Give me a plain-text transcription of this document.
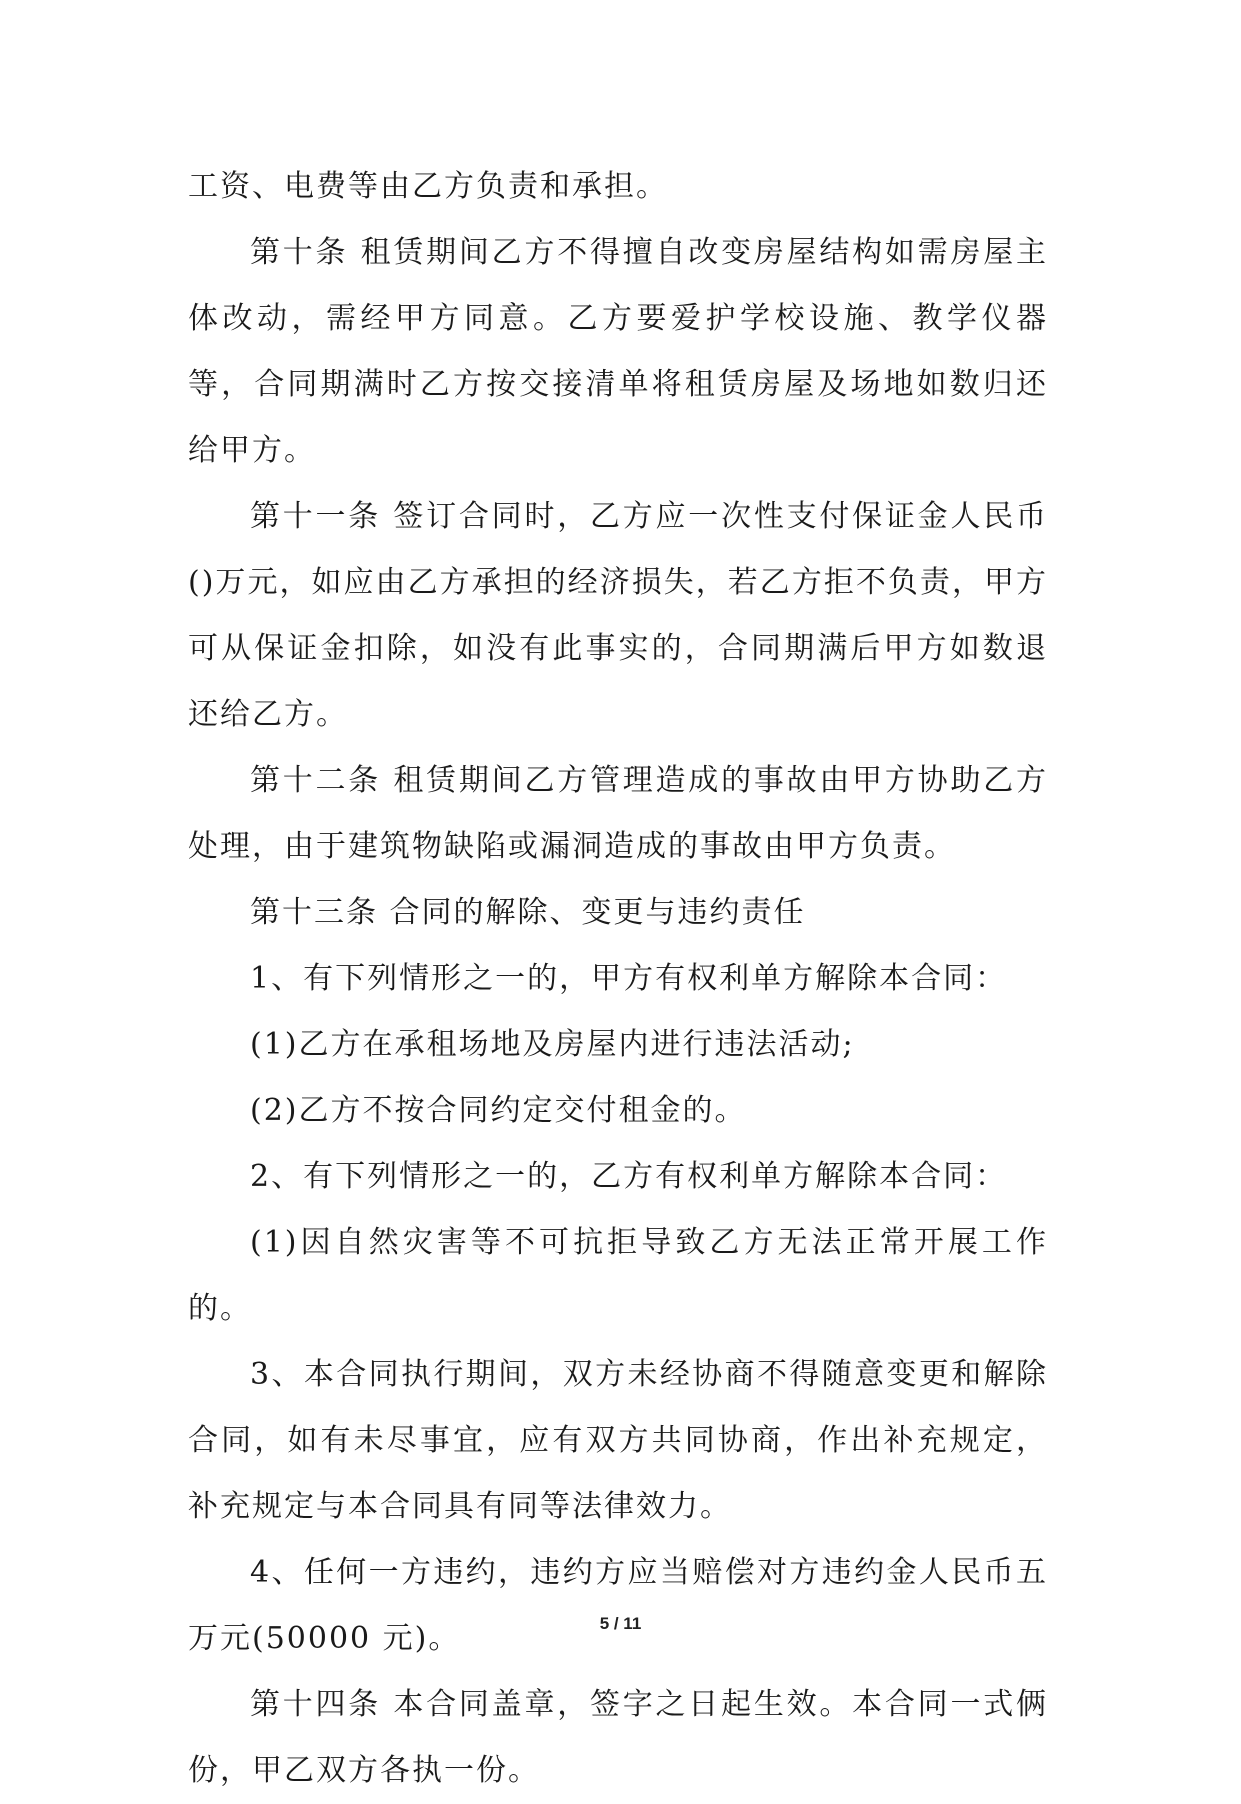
工资、电费等由乙方负责和承担。

第十条 租赁期间乙方不得擅自改变房屋结构如需房屋主体改动，需经甲方同意。乙方要爱护学校设施、教学仪器等，合同期满时乙方按交接清单将租赁房屋及场地如数归还给甲方。

第十一条 签订合同时，乙方应一次性支付保证金人民币()万元，如应由乙方承担的经济损失，若乙方拒不负责，甲方可从保证金扣除，如没有此事实的，合同期满后甲方如数退还给乙方。

第十二条 租赁期间乙方管理造成的事故由甲方协助乙方处理，由于建筑物缺陷或漏洞造成的事故由甲方负责。

第十三条 合同的解除、变更与违约责任

1、有下列情形之一的，甲方有权利单方解除本合同：

(1)乙方在承租场地及房屋内进行违法活动;

(2)乙方不按合同约定交付租金的。

2、有下列情形之一的，乙方有权利单方解除本合同：

(1)因自然灾害等不可抗拒导致乙方无法正常开展工作的。

3、本合同执行期间，双方未经协商不得随意变更和解除合同，如有未尽事宜，应有双方共同协商，作出补充规定，补充规定与本合同具有同等法律效力。

4、任何一方违约，违约方应当赔偿对方违约金人民币五万元(50000 元)。

第十四条 本合同盖章，签字之日起生效。本合同一式俩份，甲乙双方各执一份。

5 / 11
